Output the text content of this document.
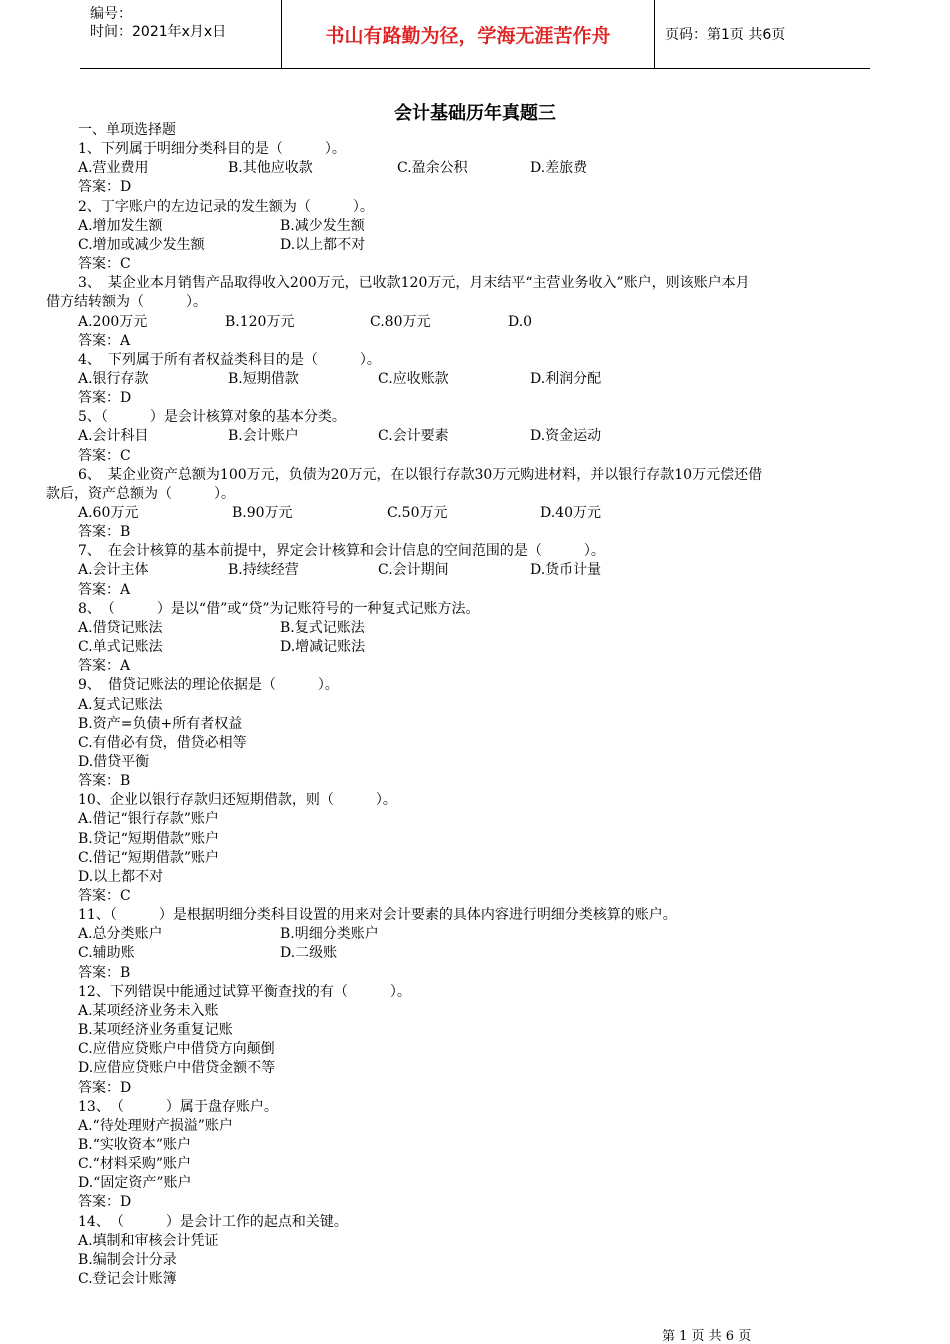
编号：
时间：2021年x月x日	书山有路勤为径，学海无涯苦作舟	页码：第1页 共6页
会计基础历年真题三
一、单项选择题
1、下列属于明细分类科目的是（　　　）。
A.营业费用	B.其他应收款	C.盈余公积	D.差旅费
答案：D
2、丁字账户的左边记录的发生额为（　　　）。
A.增加发生额	B.减少发生额
C.增加或减少发生额	D.以上都不对
答案：C
3、　某企业本月销售产品取得收入200万元，已收款120万元，月末结平“主营业务收入”账户，则该账户本月
借方结转额为（　　　）。
A.200万元	B.120万元	C.80万元	D.0
答案：A
4、　下列属于所有者权益类科目的是（　　　）。
A.银行存款	B.短期借款	C.应收账款	D.利润分配
答案：D
5、（　　　）是会计核算对象的基本分类。
A.会计科目	B.会计账户	C.会计要素	D.资金运动
答案：C
6、　某企业资产总额为100万元，负债为20万元，在以银行存款30万元购进材料，并以银行存款10万元偿还借
款后，资产总额为（　　　）。
A.60万元	B.90万元	C.50万元	D.40万元
答案：B
7、　在会计核算的基本前提中，界定会计核算和会计信息的空间范围的是（　　　）。
A.会计主体	B.持续经营	C.会计期间	D.货币计量
答案：A
8、　（　　　）是以“借”或“贷”为记账符号的一种复式记账方法。
A.借贷记账法	B.复式记账法
C.单式记账法	D.增减记账法
答案：A
9、　借贷记账法的理论依据是（　　　）。
A.复式记账法
B.资产=负债+所有者权益
C.有借必有贷，借贷必相等
D.借贷平衡
答案：B
10、企业以银行存款归还短期借款，则（　　　）。
A.借记“银行存款”账户
B.贷记“短期借款”账户
C.借记“短期借款”账户
D.以上都不对
答案：C
11、（　　　）是根据明细分类科目设置的用来对会计要素的具体内容进行明细分类核算的账户。
A.总分类账户	B.明细分类账户
C.辅助账	D.二级账
答案：B
12、下列错误中能通过试算平衡查找的有（　　　）。
A.某项经济业务未入账
B.某项经济业务重复记账
C.应借应贷账户中借贷方向颠倒
D.应借应贷账户中借贷金额不等
答案：D
13、　（　　　）属于盘存账户。
A.“待处理财产损溢”账户
B.“实收资本”账户
C.“材料采购”账户
D.“固定资产”账户
答案：D
14、　（　　　）是会计工作的起点和关键。
A.填制和审核会计凭证
B.编制会计分录
C.登记会计账簿
第 1 页 共 6 页
